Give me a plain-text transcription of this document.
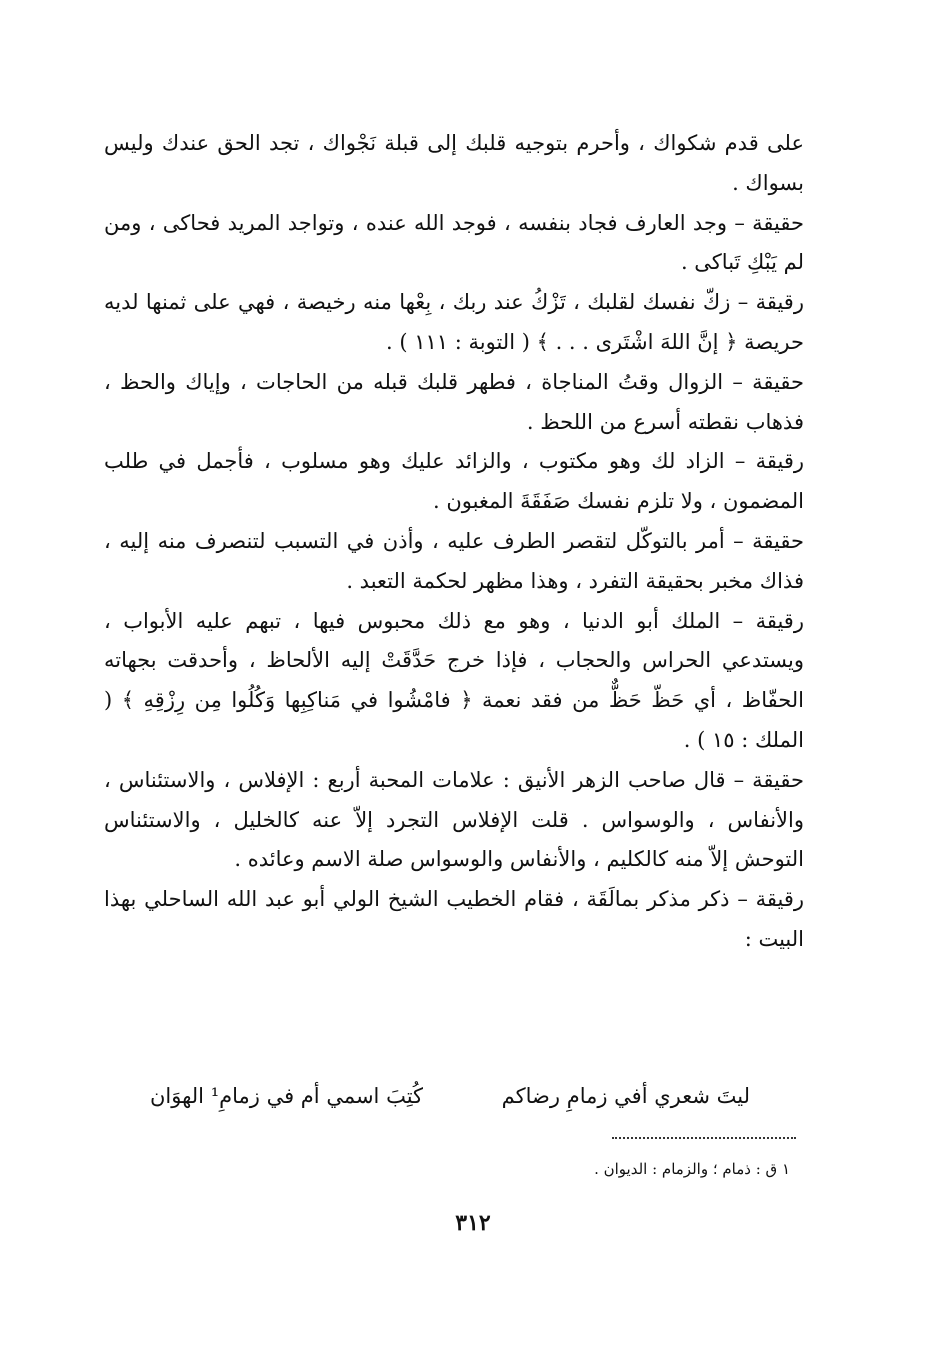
على قدم شكواك ، وأحرم بتوجيه قلبك إلى قبلة نَجْواك ، تجد الحق عندك وليس بسواك .

حقيقة – وجد العارف فجاد بنفسه ، فوجد الله عنده ، وتواجد المريد فحاكى ، ومن لم يَبْكِ تَباكى .

رقيقة – زكّ نفسك لقلبك ، تَزْكُ عند ربك ، بِعْها منه رخيصة ، فهي على ثمنها لديه حريصة ﴿ إنَّ اللهَ اشْتَرى . . . ﴾ ( التوبة : ١١١ ) .

حقيقة – الزوال وقتُ المناجاة ، فطهر قلبك قبله من الحاجات ، وإياك والحظ ، فذهاب نقطته أسرع من اللحظ .

رقيقة – الزاد لك وهو مكتوب ، والزائد عليك وهو مسلوب ، فأجمل في طلب المضمون ، ولا تلزم نفسك صَفَقَةَ المغبون .

حقيقة – أمر بالتوكّل لتقصر الطرف عليه ، وأذن في التسبب لتنصرف منه إليه ، فذاك مخبر بحقيقة التفرد ، وهذا مظهر لحكمة التعبد .

رقيقة – الملك أبو الدنيا ، وهو مع ذلك محبوس فيها ، تبهم عليه الأبواب ، ويستدعي الحراس والحجاب ، فإذا خرج حَدَّقَتْ إليه الألحاظ ، وأحدقت بجهاته الحفّاظ ، أي حَظّ حَظٌّ من فقد نعمة ﴿ فامْشُوا في مَناكِبِها وَكُلُوا مِن رِزْقِهِ ﴾ ( الملك : ١٥ ) .

حقيقة – قال صاحب الزهر الأنيق : علامات المحبة أربع : الإفلاس ، والاستئناس ، والأنفاس ، والوسواس . قلت الإفلاس التجرد إلاّ عنه كالخليل ، والاستئناس التوحش إلاّ منه كالكليم ، والأنفاس والوسواس صلة الاسم وعائده .

رقيقة – ذكر مذكر بمالَقَة ، فقام الخطيب الشيخ الولي أبو عبد الله الساحلي بهذا البيت :

ليتَ شعري أفي زمامِ رضاكم
كُتِبَ اسمي أم في زمامِ¹ الهوَان
١ ق : ذمام ؛ والزمام : الديوان .
٣١٢
